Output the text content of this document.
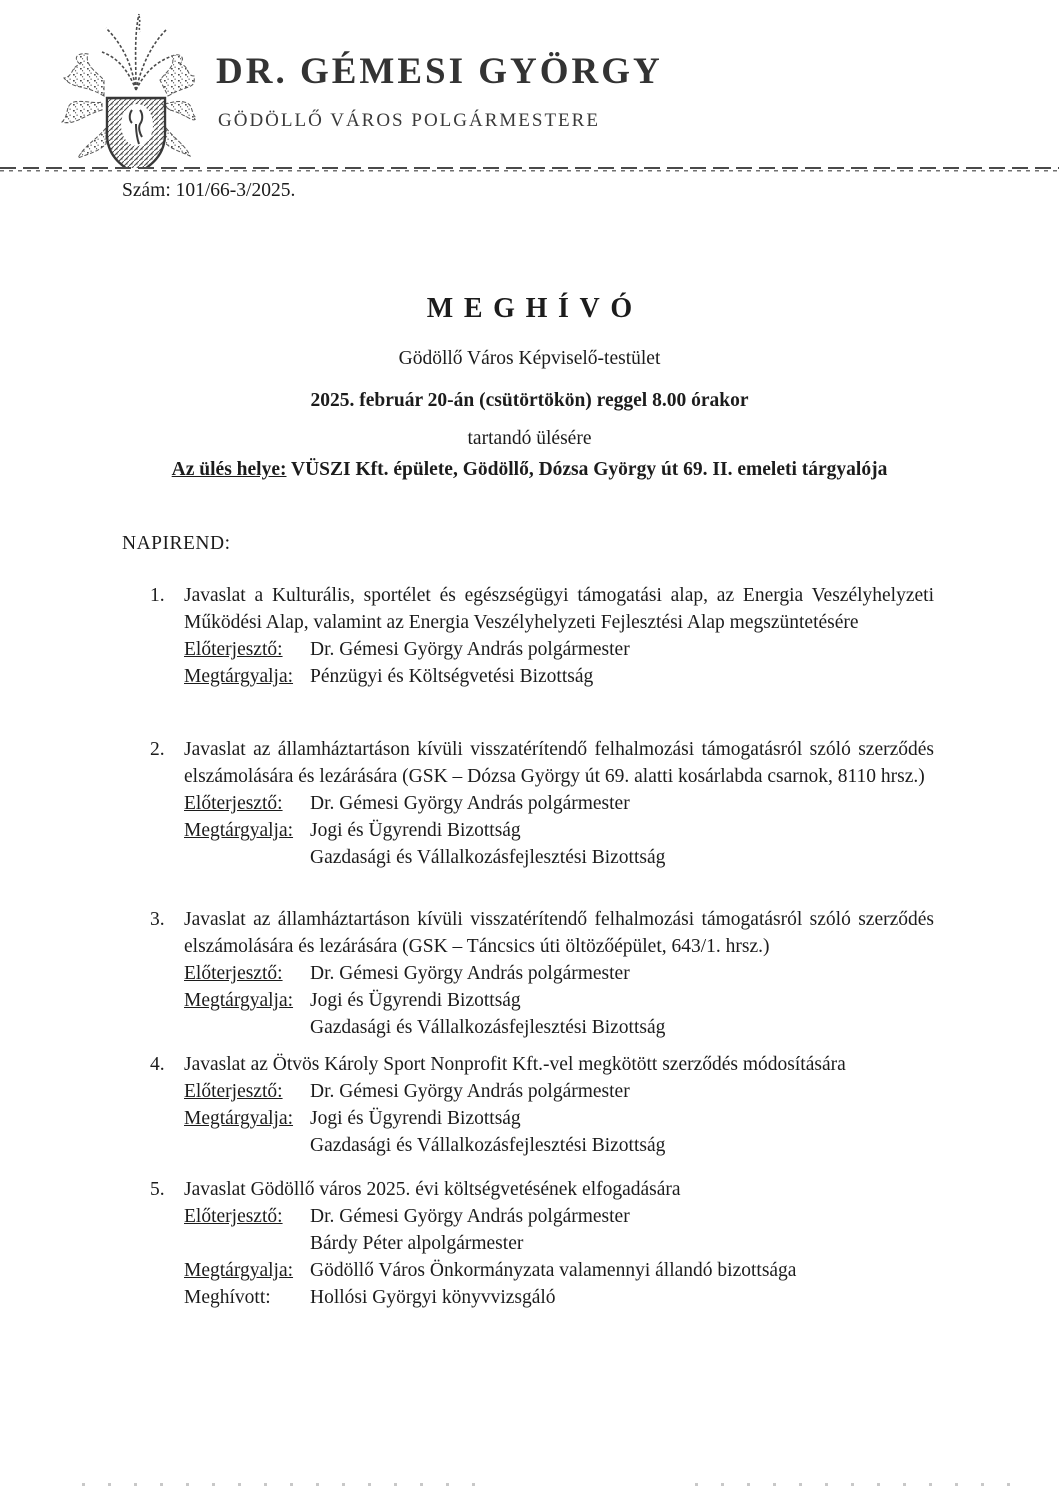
DR. GÉMESI GYÖRGY
GÖDÖLLŐ VÁROS POLGÁRMESTERE
Szám: 101/66-3/2025.
MEGHÍVÓ
Gödöllő Város Képviselő-testület
2025. február 20-án (csütörtökön) reggel 8.00 órakor
tartandó ülésére
Az ülés helye: VÜSZI Kft. épülete, Gödöllő, Dózsa György út 69. II. emeleti tárgyalója
NAPIREND:
1. Javaslat a Kulturális, sportélet és egészségügyi támogatási alap, az Energia Veszélyhelyzeti Működési Alap, valamint az Energia Veszélyhelyzeti Fejlesztési Alap megszüntetésére
Előterjesztő:	Dr. Gémesi György András polgármester
Megtárgyalja: Pénzügyi és Költségvetési Bizottság
2. Javaslat az államháztartáson kívüli visszatérítendő felhalmozási támogatásról szóló szerződés elszámolására és lezárására (GSK – Dózsa György út 69. alatti kosárlabda csarnok, 8110 hrsz.)
Előterjesztő:	Dr. Gémesi György András polgármester
Megtárgyalja: Jogi és Ügyrendi Bizottság
Gazdasági és Vállalkozásfejlesztési Bizottság
3. Javaslat az államháztartáson kívüli visszatérítendő felhalmozási támogatásról szóló szerződés elszámolására és lezárására (GSK – Táncsics úti öltözőépület, 643/1. hrsz.)
Előterjesztő:	Dr. Gémesi György András polgármester
Megtárgyalja: Jogi és Ügyrendi Bizottság
Gazdasági és Vállalkozásfejlesztési Bizottság
4. Javaslat az Ötvös Károly Sport Nonprofit Kft.-vel megkötött szerződés módosítására
Előterjesztő:	Dr. Gémesi György András polgármester
Megtárgyalja: Jogi és Ügyrendi Bizottság
Gazdasági és Vállalkozásfejlesztési Bizottság
5. Javaslat Gödöllő város 2025. évi költségvetésének elfogadására
Előterjesztő:	Dr. Gémesi György András polgármester
Bárdy Péter alpolgármester
Megtárgyalja: Gödöllő Város Önkormányzata valamennyi állandó bizottsága
Meghívott:	Hollósi Györgyi könyvvizsgáló
